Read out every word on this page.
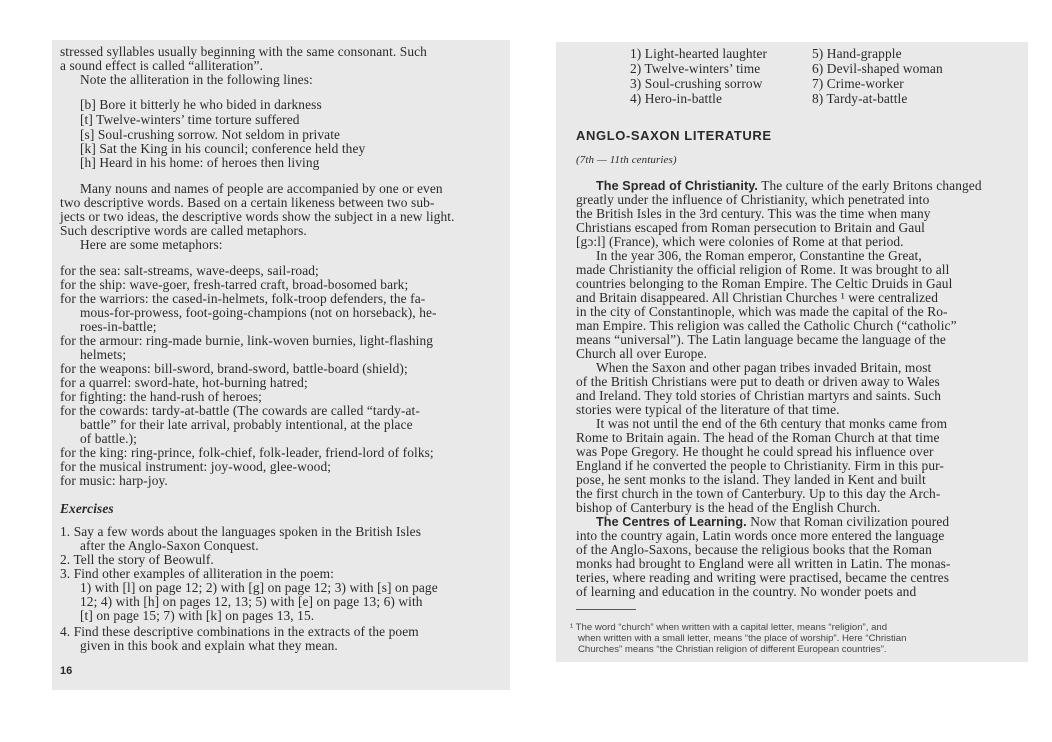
stressed syllables usually beginning with the same consonant. Such
a sound effect is called “alliteration”.
Note the alliteration in the following lines:
[b] Bore it bitterly he who bided in darkness
[t] Twelve-winters’ time torture suffered
[s] Soul-crushing sorrow. Not seldom in private
[k] Sat the King in his council; conference held they
[h] Heard in his home: of heroes then living
Many nouns and names of people are accompanied by one or even
two descriptive words. Based on a certain likeness between two sub-
jects or two ideas, the descriptive words show the subject in a new light.
Such descriptive words are called metaphors.
Here are some metaphors:
for the sea: salt-streams, wave-deeps, sail-road;
for the ship: wave-goer, fresh-tarred craft, broad-bosomed bark;
for the warriors: the cased-in-helmets, folk-troop defenders, the fa-
mous-for-prowess, foot-going-champions (not on horseback), he-
roes-in-battle;
for the armour: ring-made burnie, link-woven burnies, light-flashing
helmets;
for the weapons: bill-sword, brand-sword, battle-board (shield);
for a quarrel: sword-hate, hot-burning hatred;
for fighting: the hand-rush of heroes;
for the cowards: tardy-at-battle (The cowards are called “tardy-at-
battle” for their late arrival, probably intentional, at the place
of battle.);
for the king: ring-prince, folk-chief, folk-leader, friend-lord of folks;
for the musical instrument: joy-wood, glee-wood;
for music: harp-joy.
Exercises
1. Say a few words about the languages spoken in the British Isles
after the Anglo-Saxon Conquest.
2. Tell the story of Beowulf.
3. Find other examples of alliteration in the poem:
1) with [l] on page 12; 2) with [g] on page 12; 3) with [s] on page
12; 4) with [h] on pages 12, 13; 5) with [e] on page 13; 6) with
[t] on page 15; 7) with [k] on pages 13, 15.
4. Find these descriptive combinations in the extracts of the poem
given in this book and explain what they mean.
16
1) Light-hearted laughter
2) Twelve-winters’ time
3) Soul-crushing sorrow
4) Hero-in-battle
5) Hand-grapple
6) Devil-shaped woman
7) Crime-worker
8) Tardy-at-battle
ANGLO-SAXON LITERATURE
(7th — 11th centuries)
The Spread of Christianity. The culture of the early Britons changed
greatly under the influence of Christianity, which penetrated into
the British Isles in the 3rd century. This was the time when many
Christians escaped from Roman persecution to Britain and Gaul
[gɔ:l] (France), which were colonies of Rome at that period.
In the year 306, the Roman emperor, Constantine the Great,
made Christianity the official religion of Rome. It was brought to all
countries belonging to the Roman Empire. The Celtic Druids in Gaul
and Britain disappeared. All Christian Churches ¹ were centralized
in the city of Constantinople, which was made the capital of the Ro-
man Empire. This religion was called the Catholic Church (“catholic”
means “universal”). The Latin language became the language of the
Church all over Europe.
When the Saxon and other pagan tribes invaded Britain, most
of the British Christians were put to death or driven away to Wales
and Ireland. They told stories of Christian martyrs and saints. Such
stories were typical of the literature of that time.
It was not until the end of the 6th century that monks came from
Rome to Britain again. The head of the Roman Church at that time
was Pope Gregory. He thought he could spread his influence over
England if he converted the people to Christianity. Firm in this pur-
pose, he sent monks to the island. They landed in Kent and built
the first church in the town of Canterbury. Up to this day the Arch-
bishop of Canterbury is the head of the English Church.
The Centres of Learning. Now that Roman civilization poured
into the country again, Latin words once more entered the language
of the Anglo-Saxons, because the religious books that the Roman
monks had brought to England were all written in Latin. The monas-
teries, where reading and writing were practised, became the centres
of learning and education in the country. No wonder poets and
¹ The word “church” when written with a capital letter, means “religion”, and
when written with a small letter, means “the place of worship”. Here “Christian
Churches” means “the Christian religion of different European countries”.
